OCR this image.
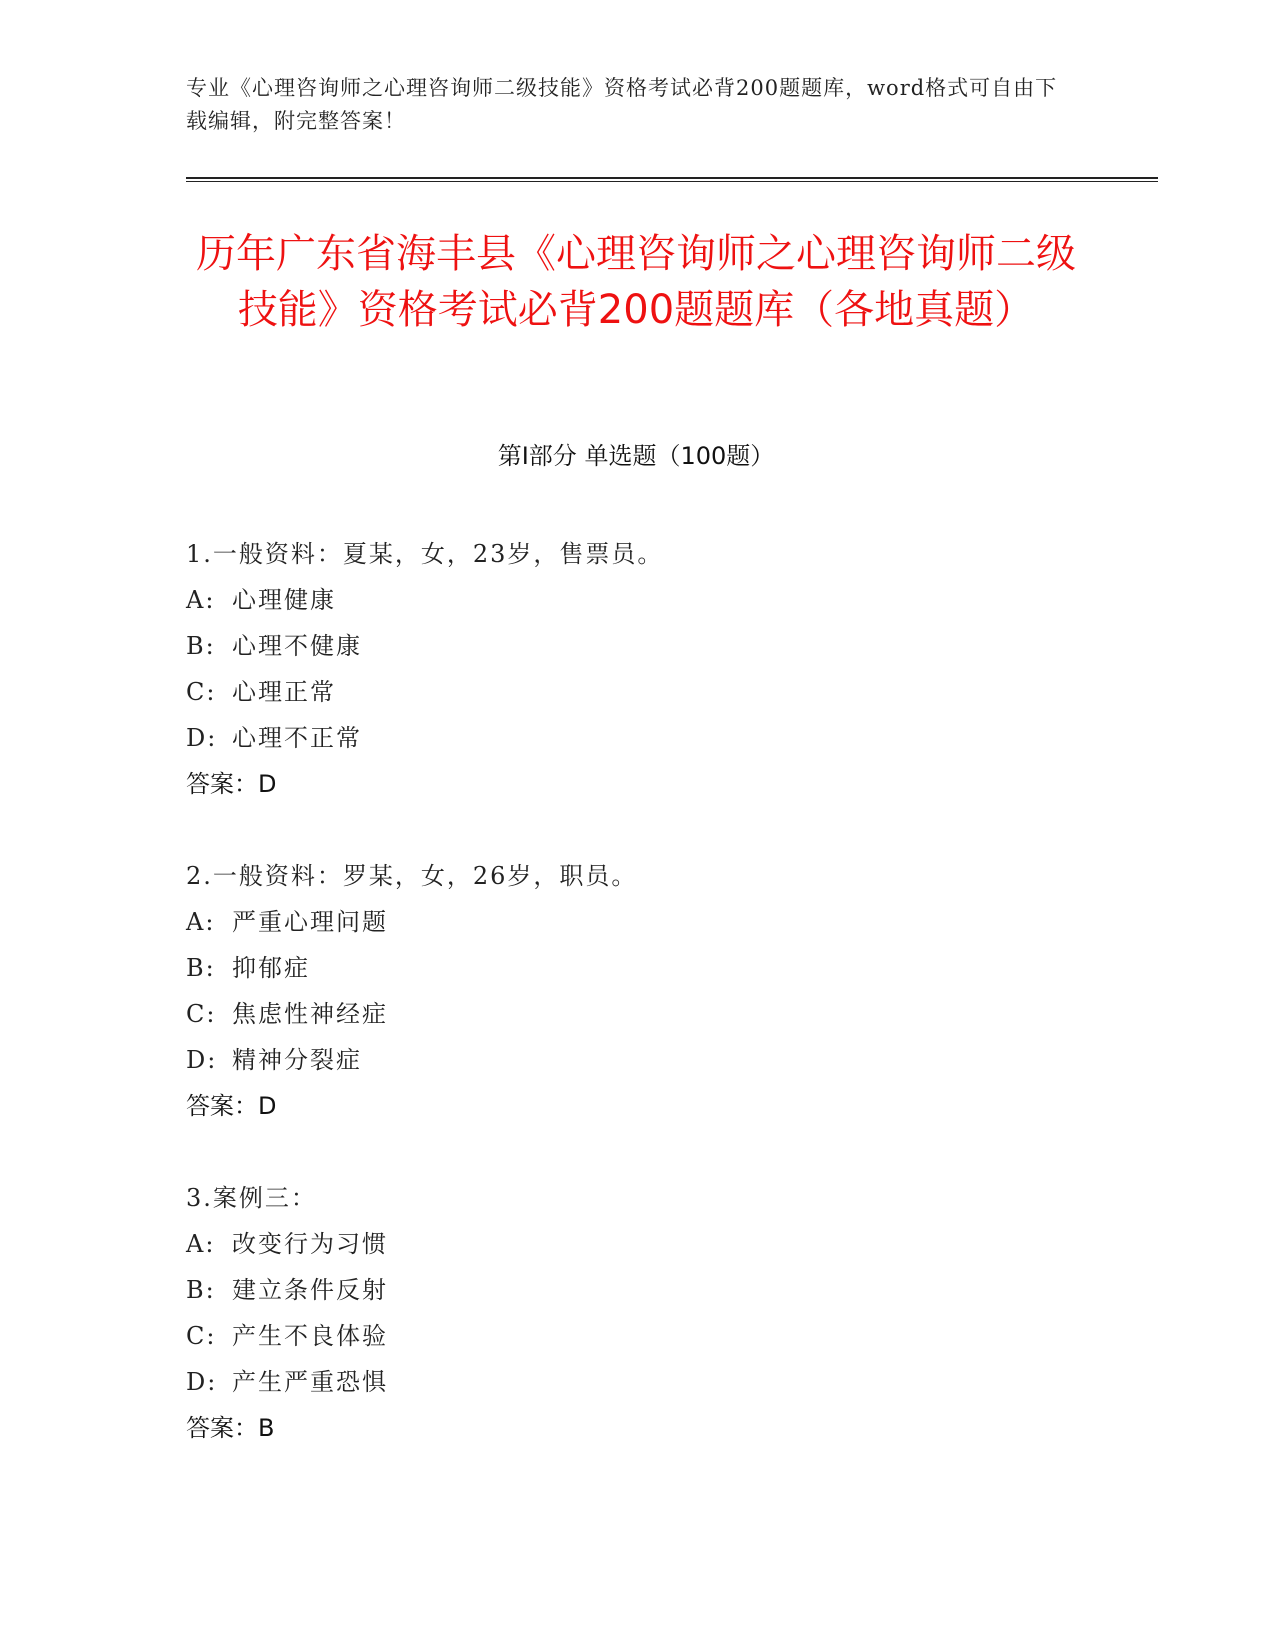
专业《心理咨询师之心理咨询师二级技能》资格考试必背200题题库，word格式可自由下载编辑，附完整答案！
历年广东省海丰县《心理咨询师之心理咨询师二级技能》资格考试必背200题题库（各地真题）
第I部分 单选题（100题）
1.一般资料：夏某，女，23岁，售票员。
A: 心理健康
B: 心理不健康
C: 心理正常
D: 心理不正常
答案：D
2.一般资料：罗某，女，26岁，职员。
A: 严重心理问题
B: 抑郁症
C: 焦虑性神经症
D: 精神分裂症
答案：D
3.案例三：
A: 改变行为习惯
B: 建立条件反射
C: 产生不良体验
D: 产生严重恐惧
答案：B
